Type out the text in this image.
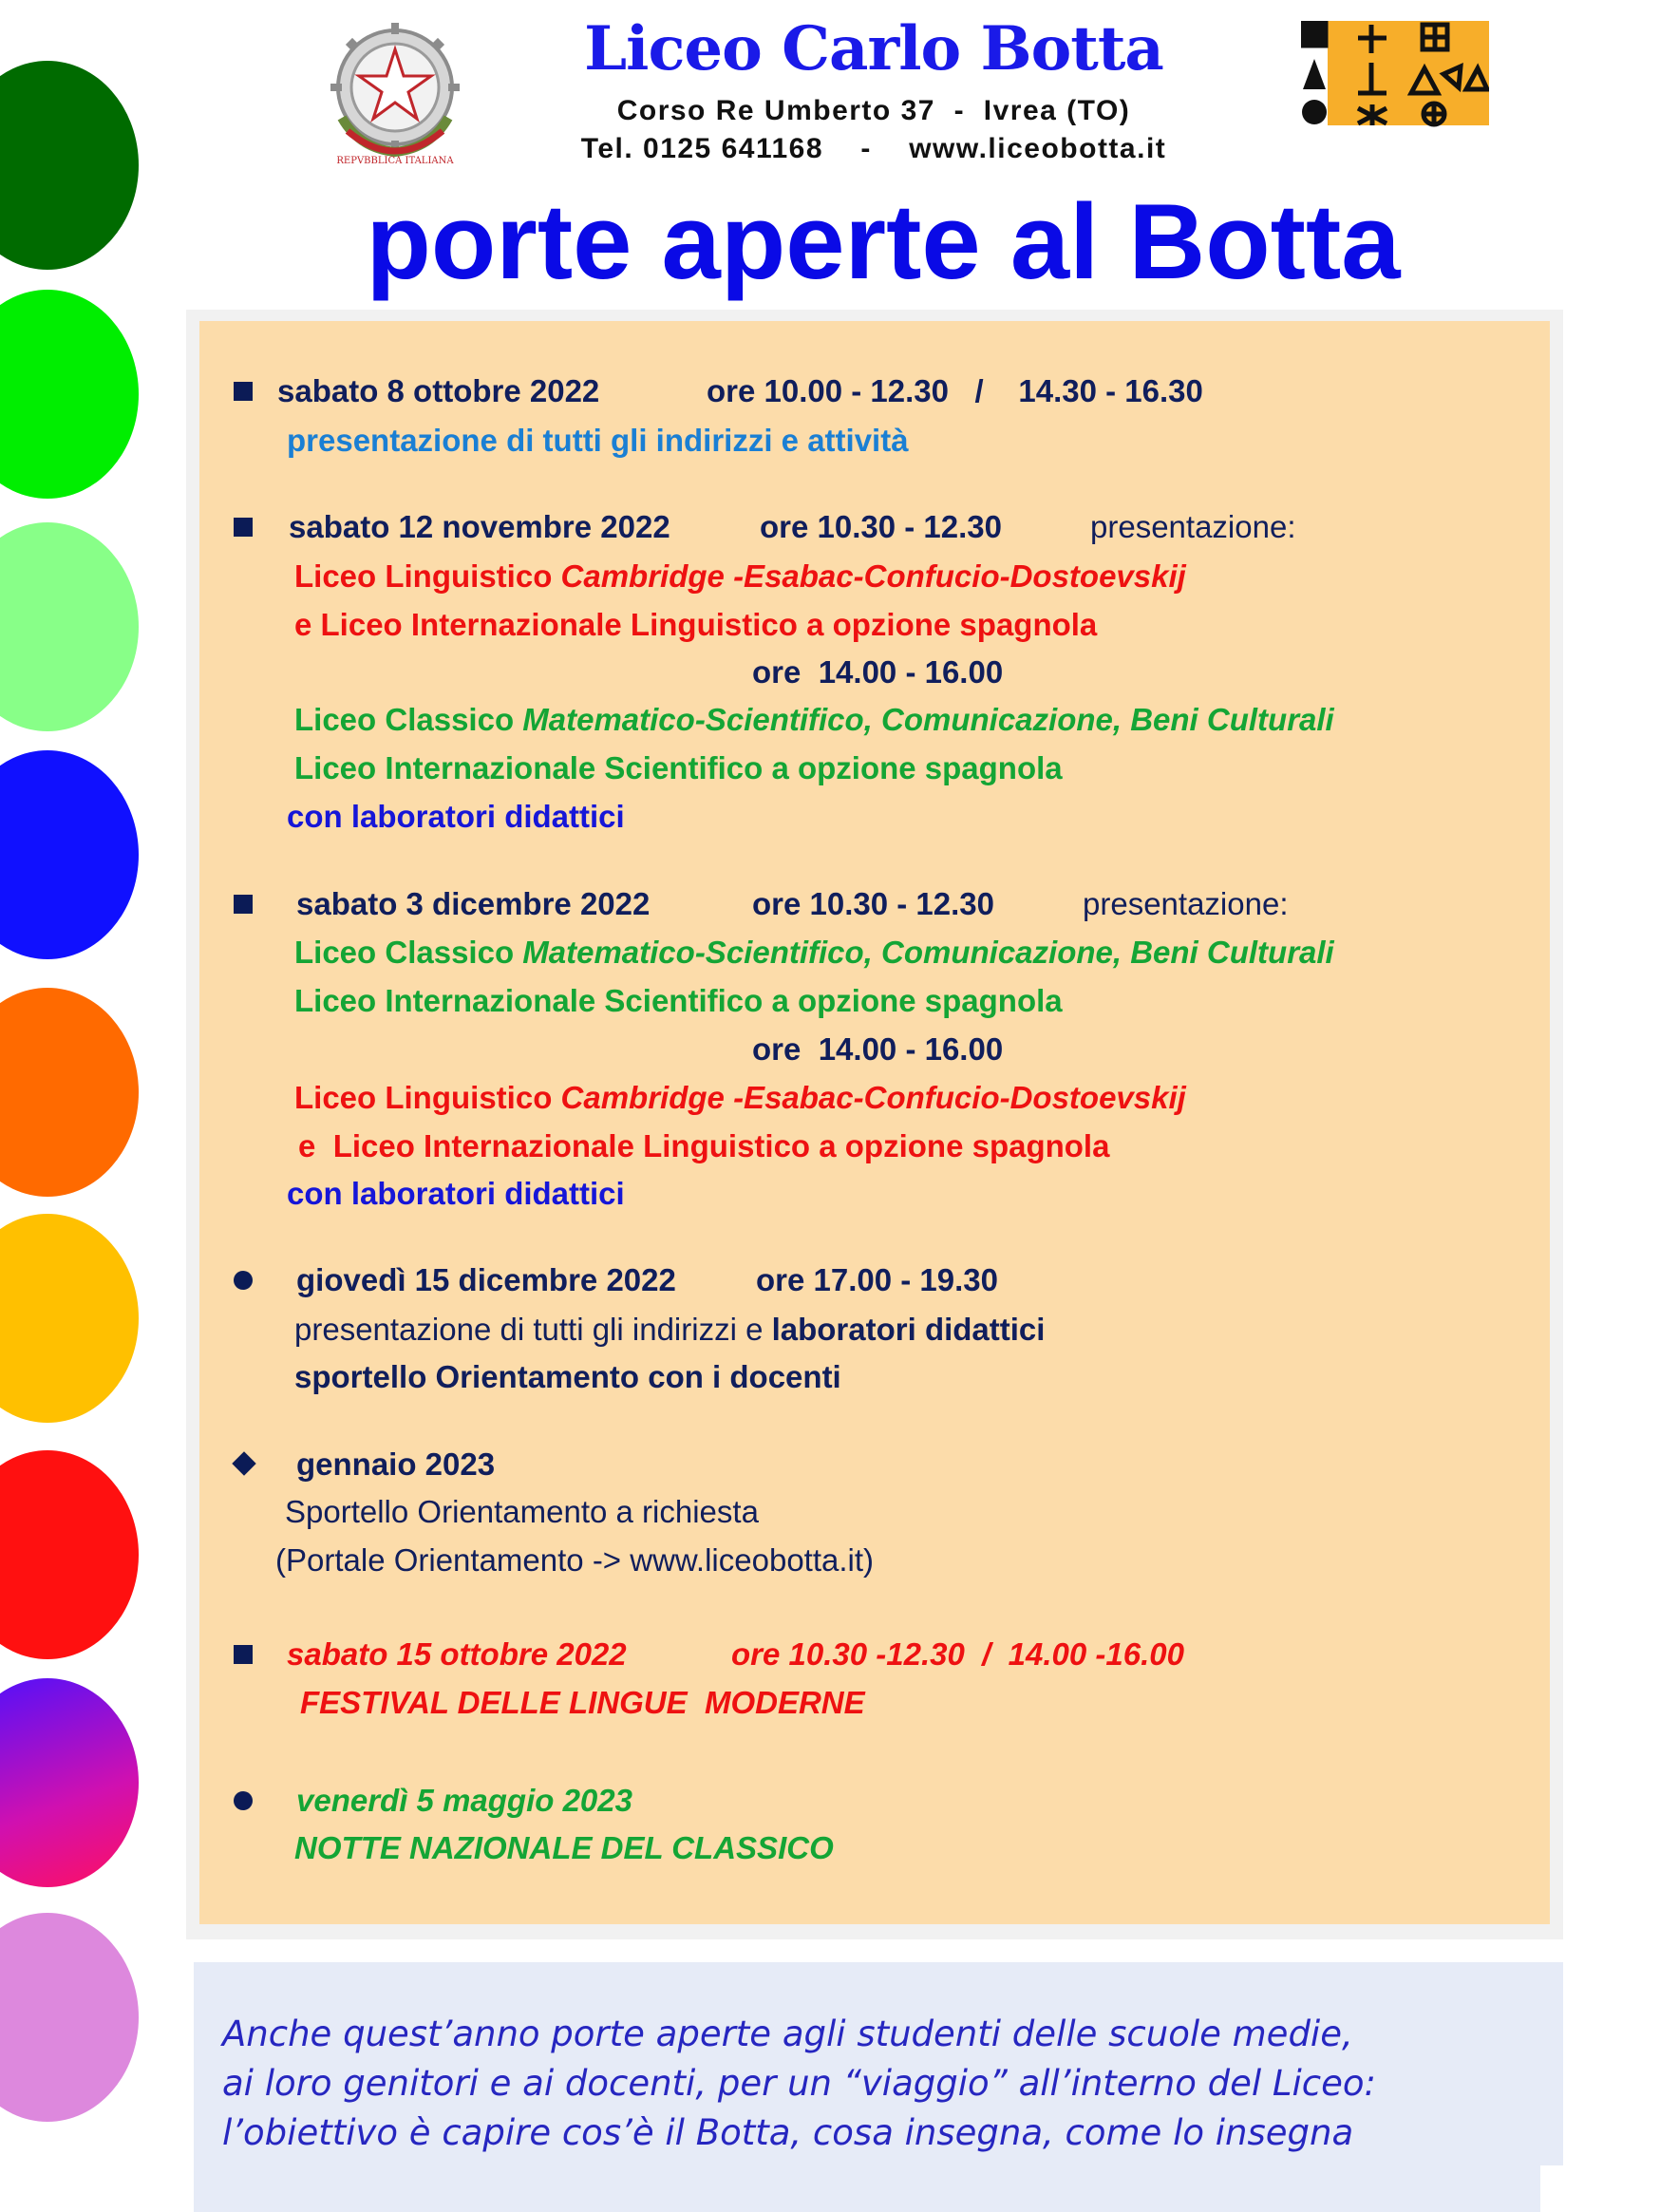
REPVBBLICA ITALIANA
Liceo Carlo Botta
Corso Re Umberto 37  -  Ivrea (TO)
Tel. 0125 641168    -    www.liceobotta.it
porte aperte al Botta
sabato 8 ottobre 2022	ore 10.00 - 12.30   /    14.30 - 16.30
presentazione di tutti gli indirizzi e attività
sabato 12 novembre 2022	ore 10.30 - 12.30	presentazione:
Liceo Linguistico Cambridge -Esabac-Confucio-Dostoevskij
e Liceo Internazionale Linguistico a opzione spagnola
ore  14.00 - 16.00
Liceo Classico Matematico-Scientifico, Comunicazione, Beni Culturali
Liceo Internazionale Scientifico a opzione spagnola
con laboratori didattici
sabato 3 dicembre 2022	ore 10.30 - 12.30	presentazione:
Liceo Classico Matematico-Scientifico, Comunicazione, Beni Culturali
Liceo Internazionale Scientifico a opzione spagnola
ore  14.00 - 16.00
Liceo Linguistico Cambridge -Esabac-Confucio-Dostoevskij
e  Liceo Internazionale Linguistico a opzione spagnola
con laboratori didattici
giovedì 15 dicembre 2022	ore 17.00 - 19.30
presentazione di tutti gli indirizzi e laboratori didattici
sportello Orientamento con i docenti
gennaio 2023
Sportello Orientamento a richiesta
(Portale Orientamento -> www.liceobotta.it)
sabato 15 ottobre 2022	ore 10.30 -12.30  /  14.00 -16.00
FESTIVAL DELLE LINGUE  MODERNE
venerdì 5 maggio 2023
NOTTE NAZIONALE DEL CLASSICO
Anche quest’anno porte aperte agli studenti delle scuole medie,
ai loro genitori e ai docenti, per un “viaggio” all’interno del Liceo:
l’obiettivo è capire cos’è il Botta, cosa insegna, come lo insegna
